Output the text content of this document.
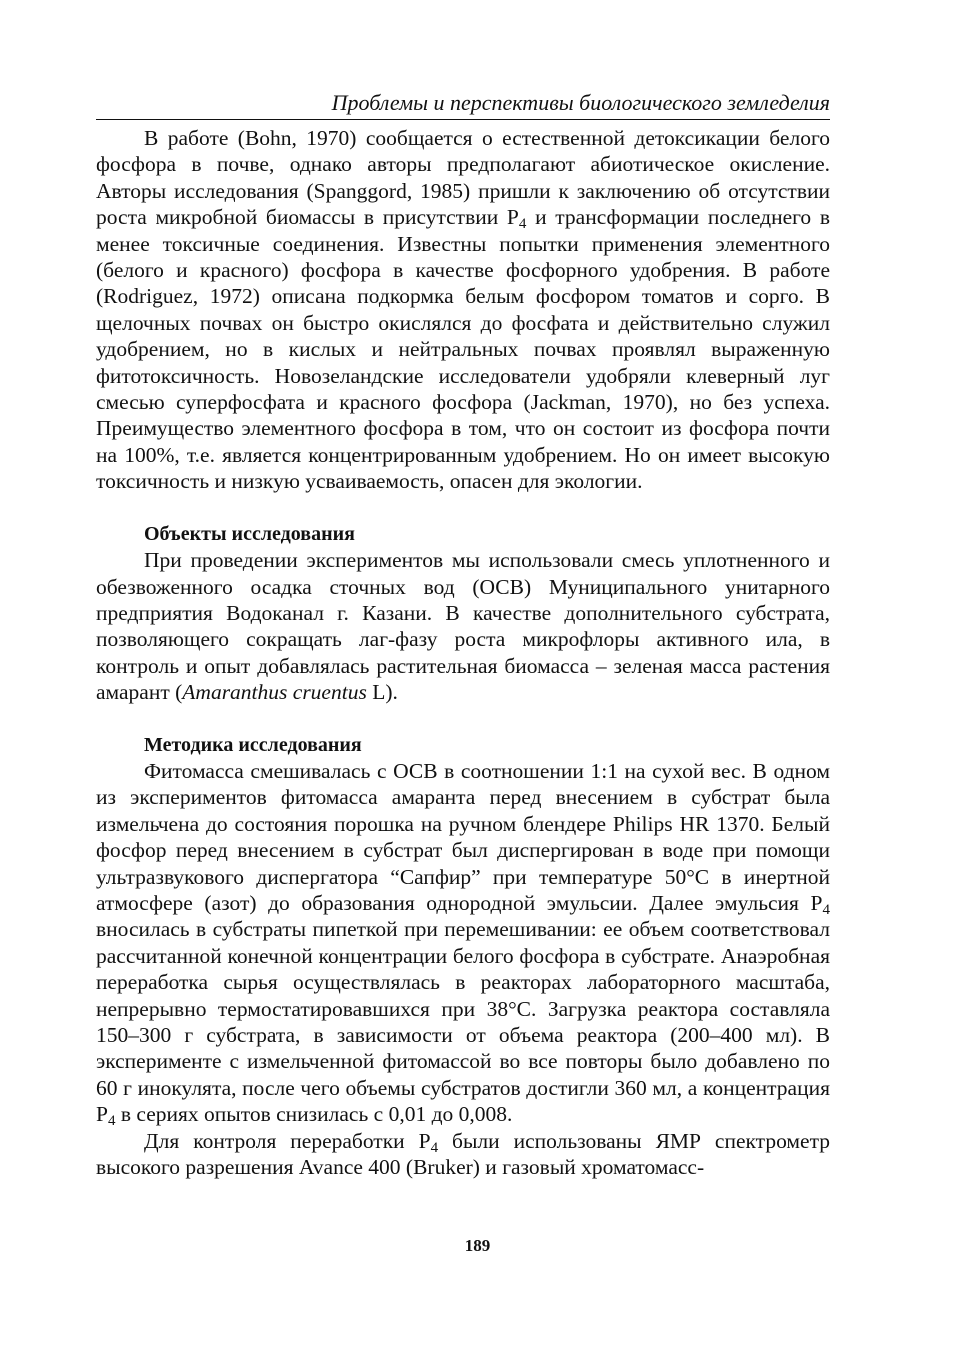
Проблемы и перспективы биологического земледелия

В работе (Bohn, 1970) сообщается о естественной детоксикации белого фосфора в почве, однако авторы предполагают абиотическое окисление. Авторы исследования (Spanggord, 1985) пришли к заключению об отсутствии роста микробной биомассы в присутствии $P_4$ и трансформации последнего в менее токсичные соединения. Известны попытки применения элементного (белого и красного) фосфора в качестве фосфорного удобрения. В работе (Rodriguez, 1972) описана подкормка белым фосфором томатов и сорго. В щелочных почвах он быстро окислялся до фосфата и действительно служил удобрением, но в кислых и нейтральных почвах проявлял выраженную фитотоксичность. Новозеландские исследователи удобряли клеверный луг смесью суперфосфата и красного фосфора (Jackman, 1970), но без успеха. Преимущество элементного фосфора в том, что он состоит из фосфора почти на 100%, т.е. является концентрированным удобрением. Но он имеет высокую токсичность и низкую усваиваемость, опасен для экологии.

Объекты исследования

При проведении экспериментов мы использовали смесь уплотненного и обезвоженного осадка сточных вод (ОСВ) Муниципального унитарного предприятия Водоканал г. Казани. В качестве дополнительного субстрата, позволяющего сокращать лаг-фазу роста микрофлоры активного ила, в контроль и опыт добавлялась растительная биомасса – зеленая масса растения амарант (Amaranthus cruentus L).

Методика исследования

Фитомасса смешивалась с ОСВ в соотношении 1:1 на сухой вес. В одном из экспериментов фитомасса амаранта перед внесением в субстрат была измельчена до состояния порошка на ручном блендере Philips HR 1370. Белый фосфор перед внесением в субстрат был диспергирован в воде при помощи ультразвукового диспергатора “Сапфир” при температуре 50°C в инертной атмосфере (азот) до образования однородной эмульсии. Далее эмульсия $P_4$ вносилась в субстраты пипеткой при перемешивании: ее объем соответствовал рассчитанной конечной концентрации белого фосфора в субстрате. Анаэробная переработка сырья осуществлялась в реакторах лабораторного масштаба, непрерывно термостатировавшихся при 38°C. Загрузка реактора составляла 150–300 г субстрата, в зависимости от объема реактора (200–400 мл). В эксперименте с измельченной фитомассой во все повторы было добавлено по 60 г инокулята, после чего объемы субстратов достигли 360 мл, а концентрация $P_4$ в сериях опытов снизилась с 0,01 до 0,008.

Для контроля переработки $P_4$ были использованы ЯМР спектрометр высокого разрешения Avance 400 (Bruker) и газовый хроматомасс-

189
